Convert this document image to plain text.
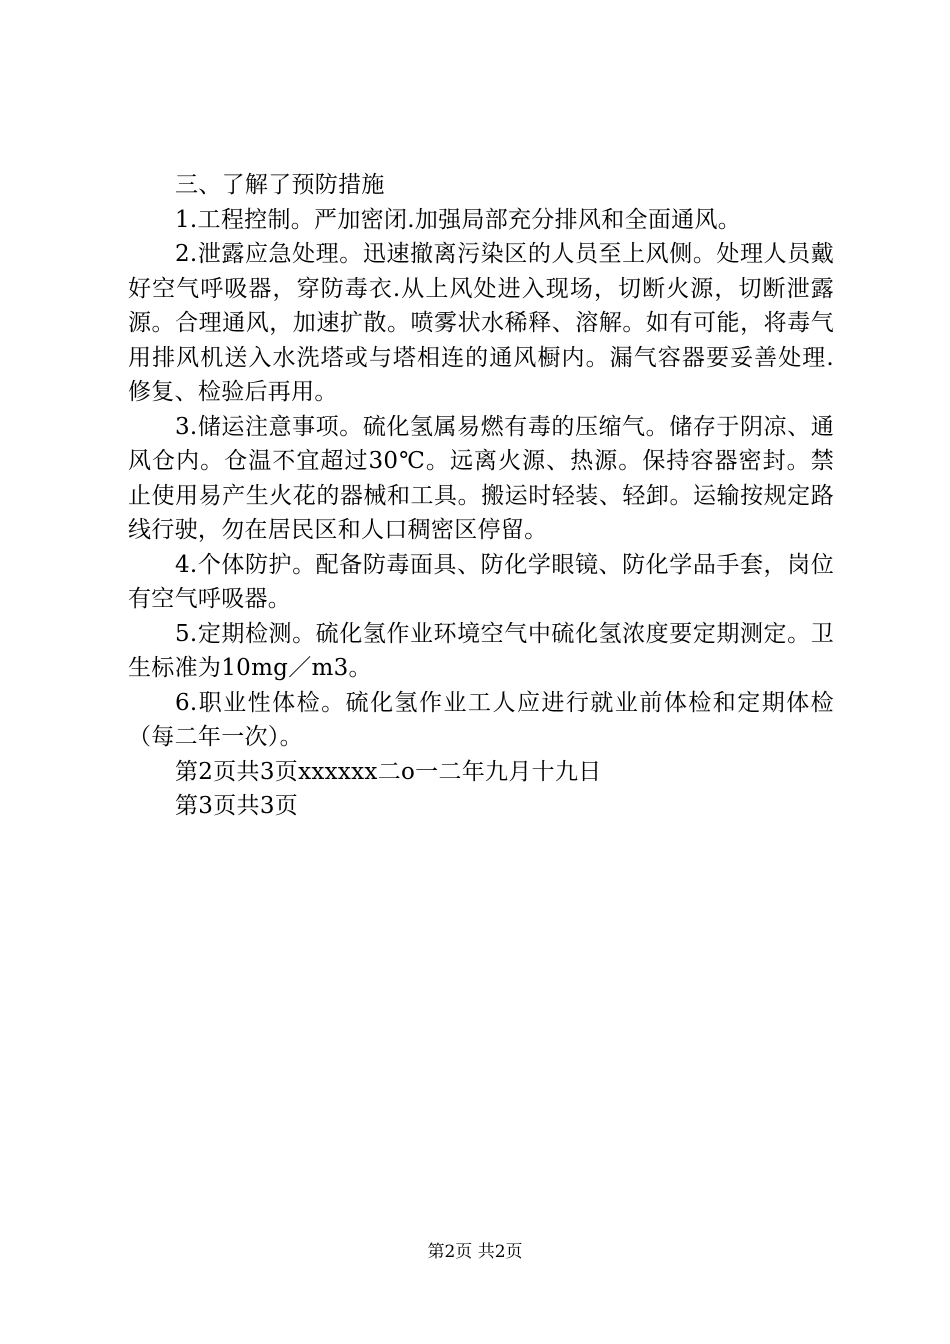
三、了解了预防措施

1.工程控制。严加密闭.加强局部充分排风和全面通风。

2.泄露应急处理。迅速撤离污染区的人员至上风侧。处理人员戴好空气呼吸器，穿防毒衣.从上风处进入现场，切断火源，切断泄露源。合理通风，加速扩散。喷雾状水稀释、溶解。如有可能，将毒气用排风机送入水洗塔或与塔相连的通风橱内。漏气容器要妥善处理.修复、检验后再用。

3.储运注意事项。硫化氢属易燃有毒的压缩气。储存于阴凉、通风仓内。仓温不宜超过30℃。远离火源、热源。保持容器密封。禁止使用易产生火花的器械和工具。搬运时轻装、轻卸。运输按规定路线行驶，勿在居民区和人口稠密区停留。

4.个体防护。配备防毒面具、防化学眼镜、防化学品手套，岗位有空气呼吸器。

5.定期检测。硫化氢作业环境空气中硫化氢浓度要定期测定。卫生标准为10mg／m3。

6.职业性体检。硫化氢作业工人应进行就业前体检和定期体检（每二年一次）。

第2页共3页xxxxxx二o一二年九月十九日

第3页共3页

第2页 共2页
